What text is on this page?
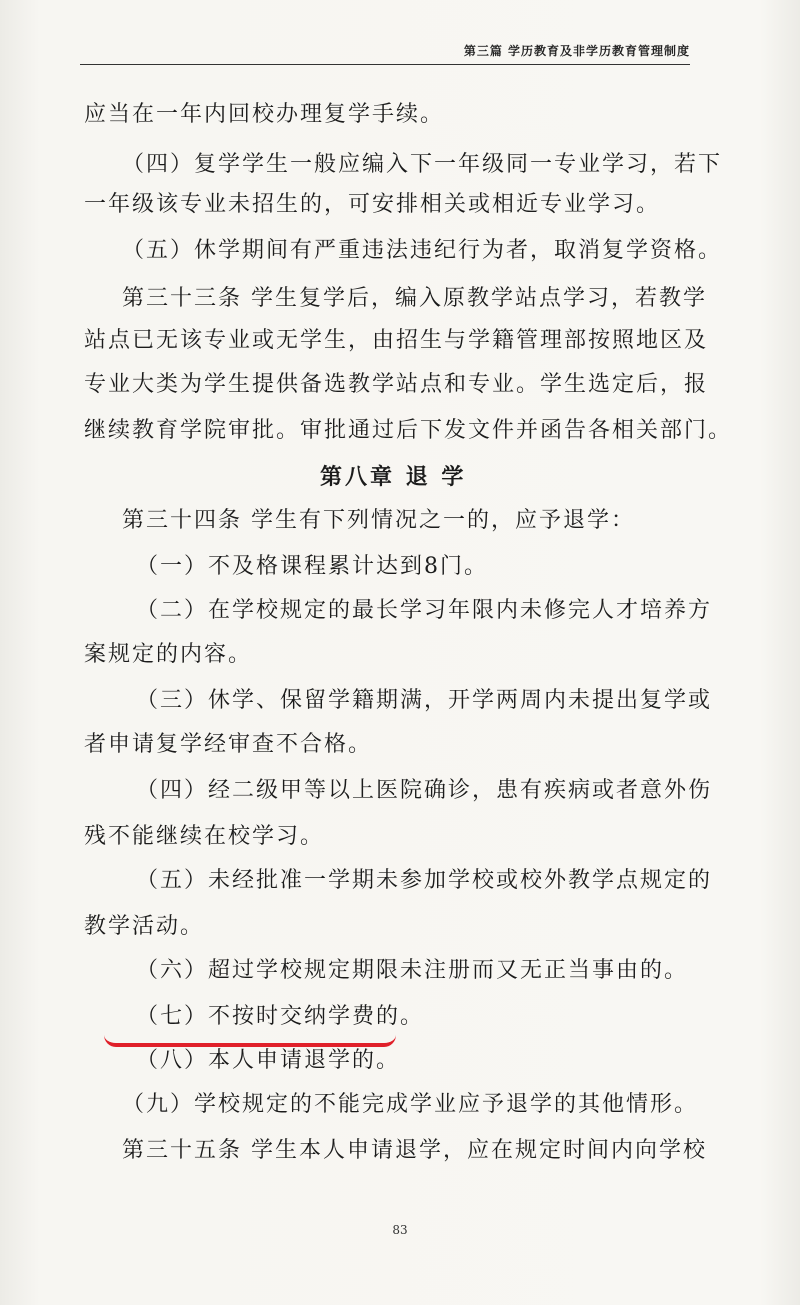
第三篇 学历教育及非学历教育管理制度
应当在一年内回校办理复学手续。
（四）复学学生一般应编入下一年级同一专业学习，若下
一年级该专业未招生的，可安排相关或相近专业学习。
（五）休学期间有严重违法违纪行为者，取消复学资格。
第三十三条 学生复学后，编入原教学站点学习，若教学
站点已无该专业或无学生，由招生与学籍管理部按照地区及
专业大类为学生提供备选教学站点和专业。学生选定后，报
继续教育学院审批。审批通过后下发文件并函告各相关部门。
第八章 退 学
第三十四条 学生有下列情况之一的，应予退学：
（一）不及格课程累计达到8门。
（二）在学校规定的最长学习年限内未修完人才培养方
案规定的内容。
（三）休学、保留学籍期满，开学两周内未提出复学或
者申请复学经审查不合格。
（四）经二级甲等以上医院确诊，患有疾病或者意外伤
残不能继续在校学习。
（五）未经批准一学期未参加学校或校外教学点规定的
教学活动。
（六）超过学校规定期限未注册而又无正当事由的。
（七）不按时交纳学费的。
（八）本人申请退学的。
（九）学校规定的不能完成学业应予退学的其他情形。
第三十五条 学生本人申请退学，应在规定时间内向学校
83
